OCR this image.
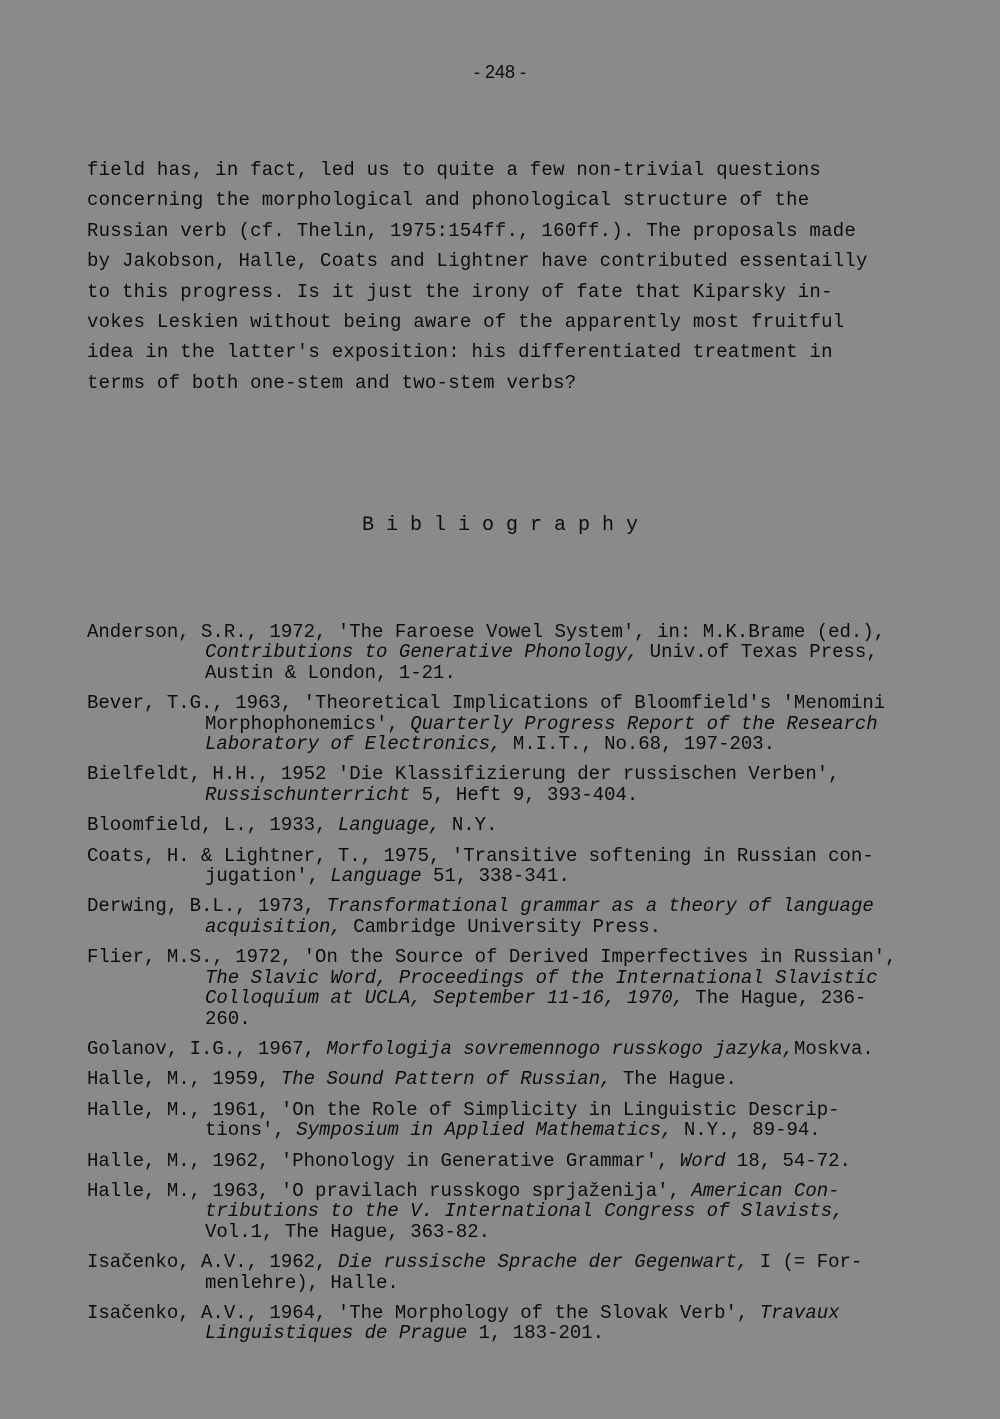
- 248 -
field has, in fact, led us to quite a few non-trivial questions
concerning the morphological and phonological structure of the
Russian verb (cf. Thelin, 1975:154ff., 160ff.). The proposals made
by Jakobson, Halle, Coats and Lightner have contributed essentailly
to this progress. Is it just the irony of fate that Kiparsky in-
vokes Leskien without being aware of the apparently most fruitful
idea in the latter's exposition: his differentiated treatment in
terms of both one-stem and two-stem verbs?
B i b l i o g r a p h y
Anderson, S.R., 1972, 'The Faroese Vowel System', in: M.K.Brame (ed.),
Contributions to Generative Phonology, Univ.of Texas Press,
Austin & London, 1-21.
Bever, T.G., 1963, 'Theoretical Implications of Bloomfield's 'Menomini
Morphophonemics', Quarterly Progress Report of the Research
Laboratory of Electronics, M.I.T., No.68, 197-203.
Bielfeldt, H.H., 1952 'Die Klassifizierung der russischen Verben',
Russischunterricht 5, Heft 9, 393-404.
Bloomfield, L., 1933, Language, N.Y.
Coats, H. & Lightner, T., 1975, 'Transitive softening in Russian con-
jugation', Language 51, 338-341.
Derwing, B.L., 1973, Transformational grammar as a theory of language
acquisition, Cambridge University Press.
Flier, M.S., 1972, 'On the Source of Derived Imperfectives in Russian',
The Slavic Word, Proceedings of the International Slavistic
Colloquium at UCLA, September 11-16, 1970, The Hague, 236-
260.
Golanov, I.G., 1967, Morfologija sovremennogo russkogo jazyka,Moskva.
Halle, M., 1959, The Sound Pattern of Russian, The Hague.
Halle, M., 1961, 'On the Role of Simplicity in Linguistic Descrip-
tions', Symposium in Applied Mathematics, N.Y., 89-94.
Halle, M., 1962, 'Phonology in Generative Grammar', Word 18, 54-72.
Halle, M., 1963, 'O pravilach russkogo sprjaženija', American Con-
tributions to the V. International Congress of Slavists,
Vol.1, The Hague, 363-82.
Isačenko, A.V., 1962, Die russische Sprache der Gegenwart, I (= For-
menlehre), Halle.
Isačenko, A.V., 1964, 'The Morphology of the Slovak Verb', Travaux
Linguistiques de Prague 1, 183-201.
